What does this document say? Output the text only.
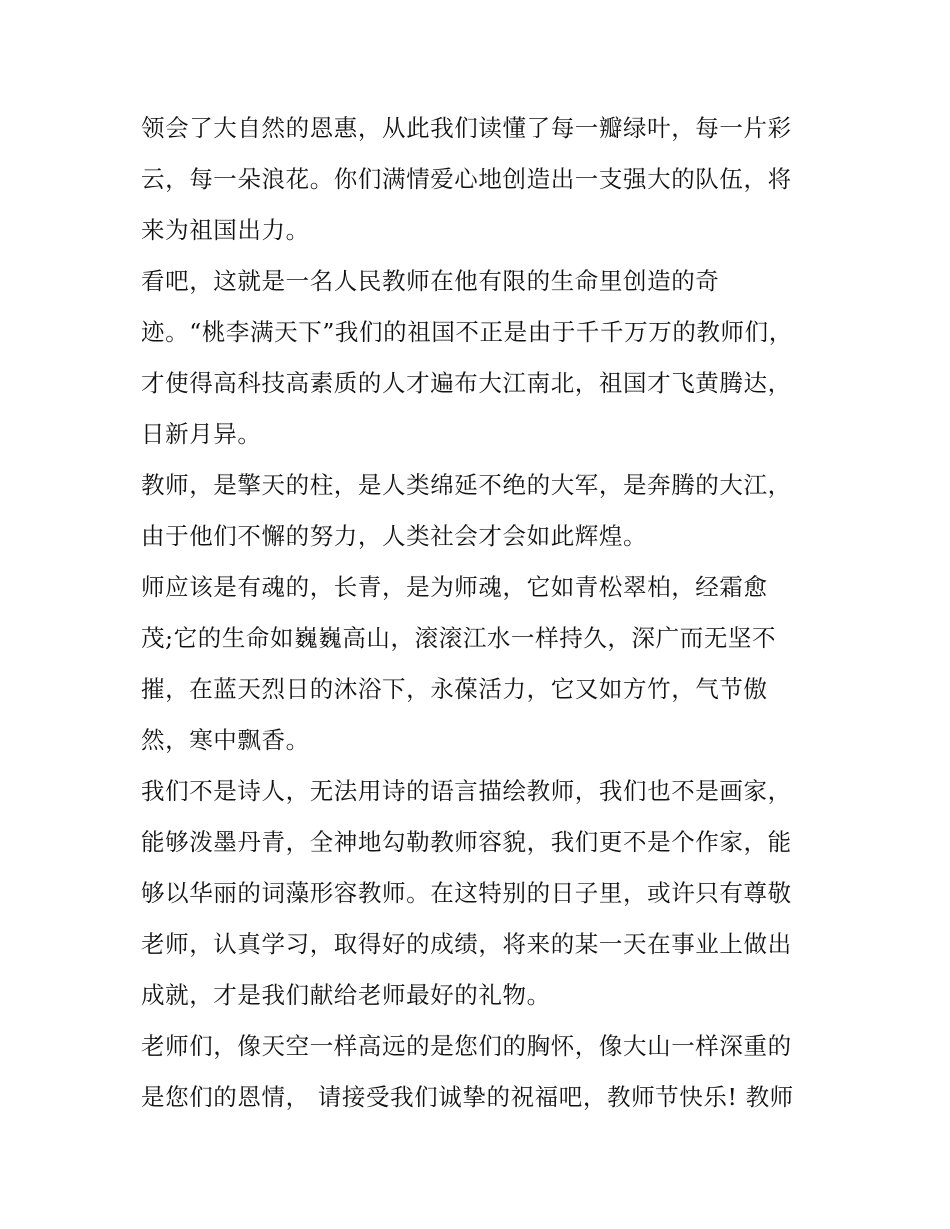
领会了大自然的恩惠，从此我们读懂了每一瓣绿叶，每一片彩
云，每一朵浪花。你们满情爱心地创造出一支强大的队伍，将
来为祖国出力。
看吧，这就是一名人民教师在他有限的生命里创造的奇
迹。“桃李满天下”我们的祖国不正是由于千千万万的教师们，
才使得高科技高素质的人才遍布大江南北，祖国才飞黄腾达，
日新月异。
教师，是擎天的柱，是人类绵延不绝的大军，是奔腾的大江，
由于他们不懈的努力，人类社会才会如此辉煌。
师应该是有魂的，长青，是为师魂，它如青松翠柏，经霜愈
茂;它的生命如巍巍高山，滚滚江水一样持久，深广而无坚不
摧，在蓝天烈日的沐浴下，永葆活力，它又如方竹，气节傲
然，寒中飘香。
我们不是诗人，无法用诗的语言描绘教师，我们也不是画家，
能够泼墨丹青，全神地勾勒教师容貌，我们更不是个作家，能
够以华丽的词藻形容教师。在这特别的日子里，或许只有尊敬
老师，认真学习，取得好的成绩，将来的某一天在事业上做出
成就，才是我们献给老师最好的礼物。
老师们，像天空一样高远的是您们的胸怀，像大山一样深重的
是您们的恩情， 请接受我们诚挚的祝福吧，教师节快乐! 教师
